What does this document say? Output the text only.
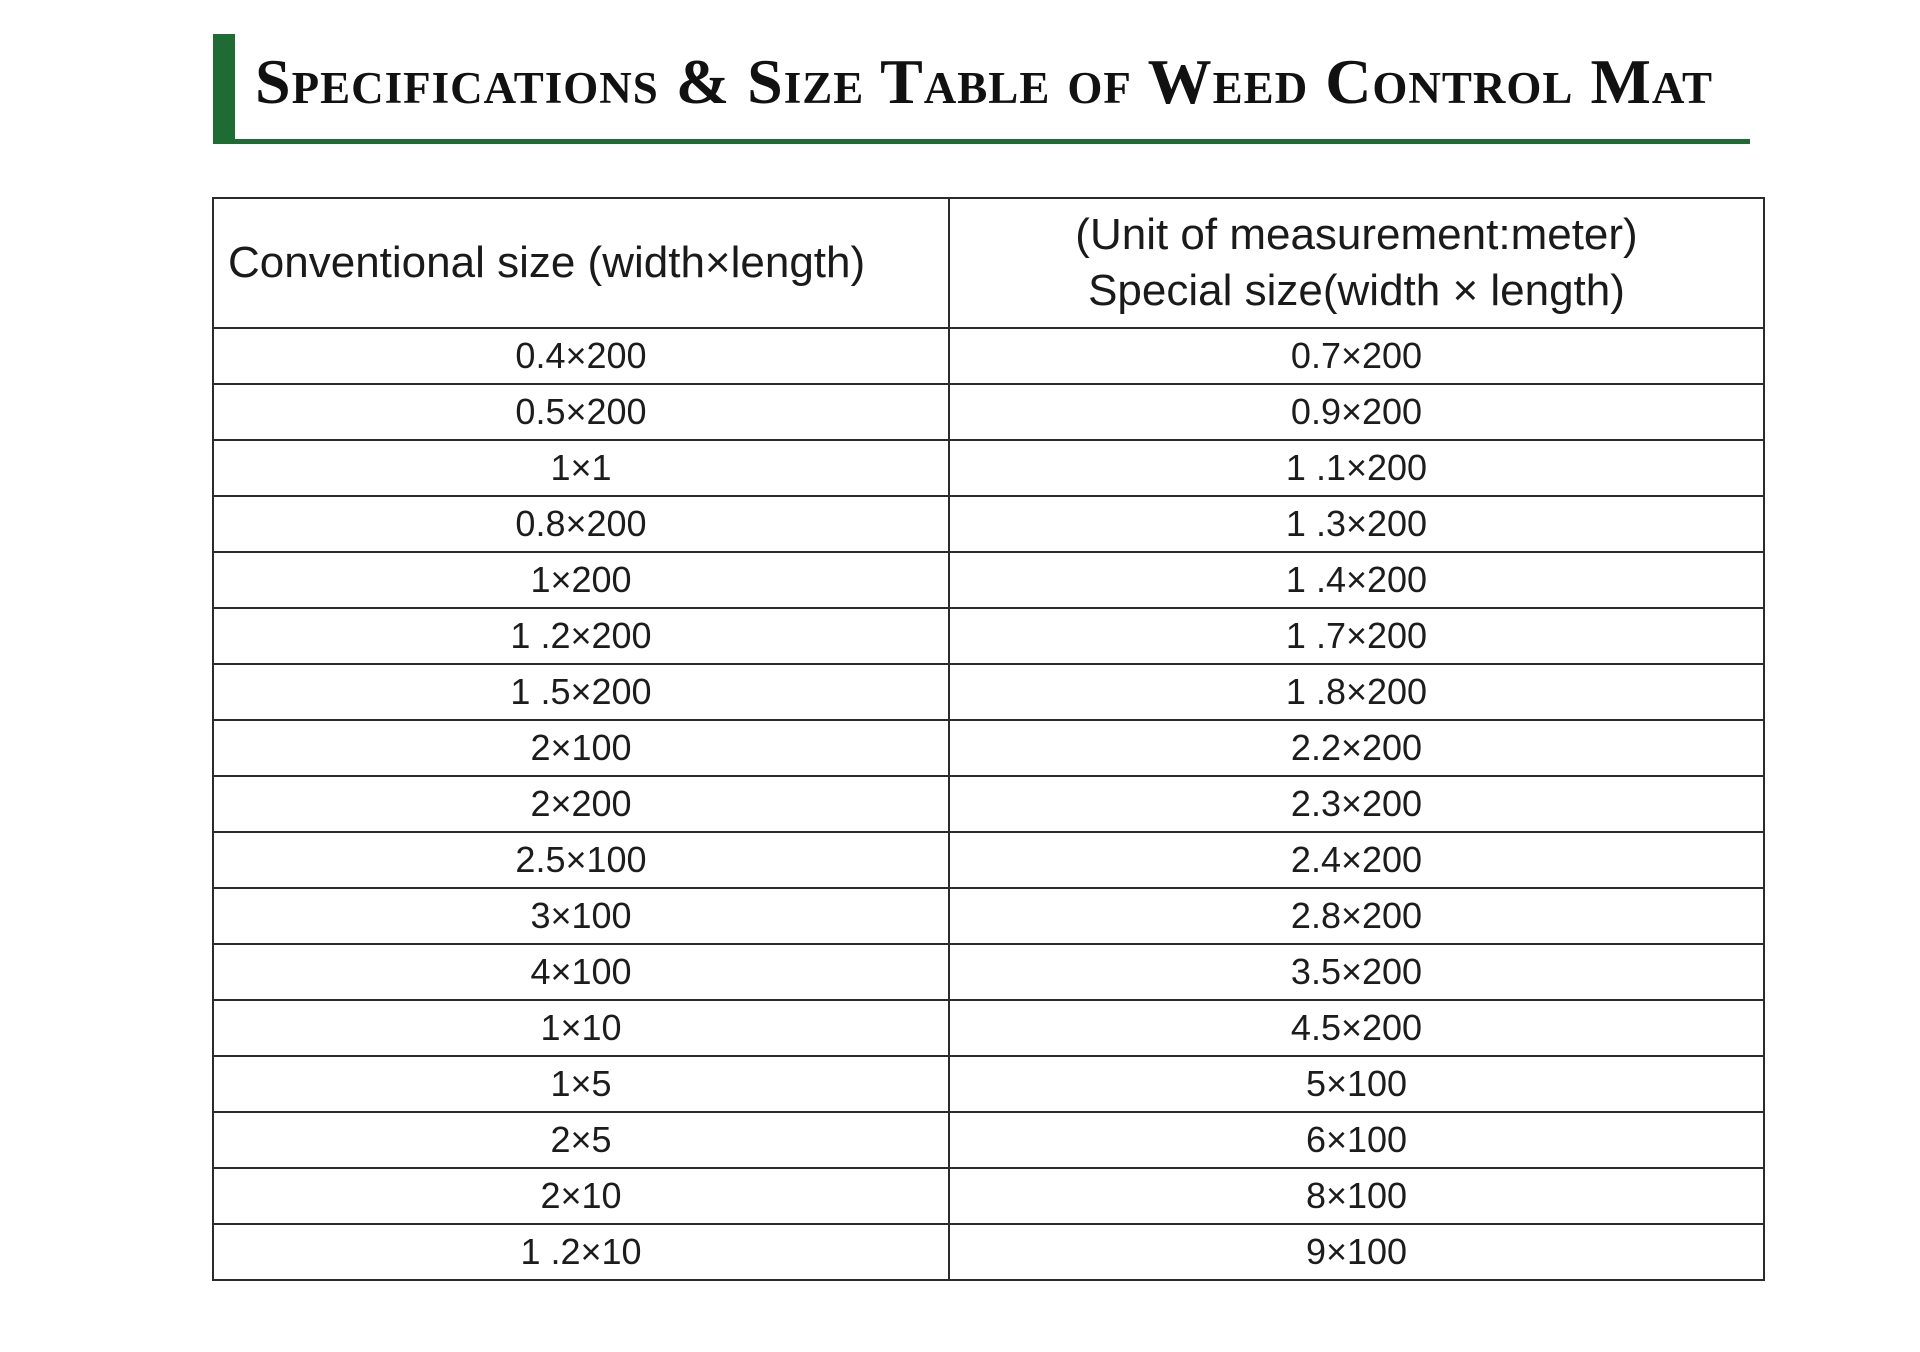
Specifications & Size Table of Weed Control Mat
Conventional size (width×length)	(Unit of measurement:meter)
Special size(width × length)

0.4×200	0.7×200
0.5×200	0.9×200
1×1	1 .1×200
0.8×200	1 .3×200
1×200	1 .4×200
1 .2×200	1 .7×200
1 .5×200	1 .8×200
2×100	2.2×200
2×200	2.3×200
2.5×100	2.4×200
3×100	2.8×200
4×100	3.5×200
1×10	4.5×200
1×5	5×100
2×5	6×100
2×10	8×100
1 .2×10	9×100
